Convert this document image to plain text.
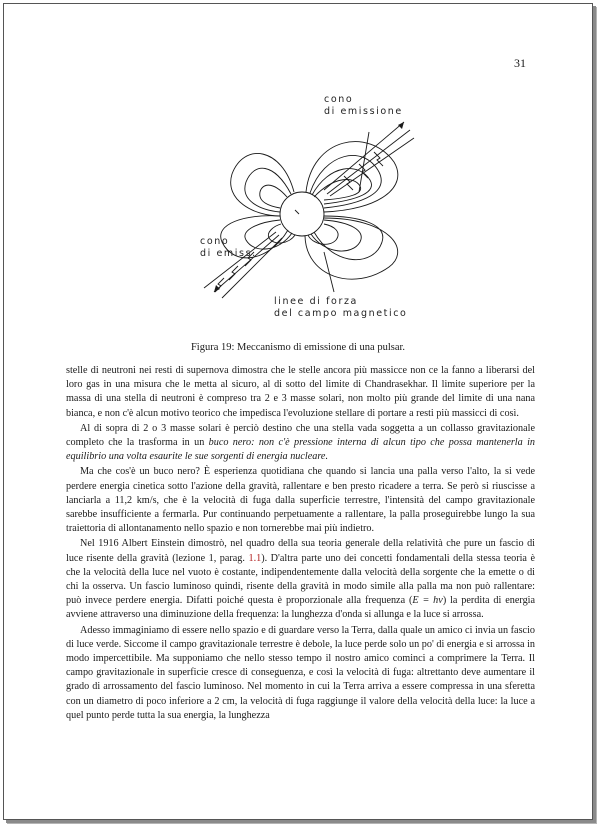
31
cono
di emissione
cono
di emiss.
linee di forza
del campo magnetico
Figura 19: Meccanismo di emissione di una pulsar.

stelle di neutroni nei resti di supernova dimostra che le stelle ancora più massicce non ce la fanno a liberarsi del loro gas in una misura che le metta al sicuro, al di sotto del limite di Chandrasekhar. Il limite superiore per la massa di una stella di neutroni è compreso tra 2 e 3 masse solari, non molto più grande del limite di una nana bianca, e non c'è alcun motivo teorico che impedisca l'evoluzione stellare di portare a resti più massicci di così.

Al di sopra di 2 o 3 masse solari è perciò destino che una stella vada soggetta a un collasso gravitazionale completo che la trasforma in un buco nero: non c'è pressione interna di alcun tipo che possa mantenerla in equilibrio una volta esaurite le sue sorgenti di energia nucleare.

Ma che cos'è un buco nero? È esperienza quotidiana che quando si lancia una palla verso l'alto, la si vede perdere energia cinetica sotto l'azione della gravità, rallentare e ben presto ricadere a terra. Se però si riuscisse a lanciarla a 11,2 km/s, che è la velocità di fuga dalla superficie terrestre, l'intensità del campo gravitazionale sarebbe insufficiente a fermarla. Pur continuando perpetuamente a rallentare, la palla proseguirebbe lungo la sua traiettoria di allontanamento nello spazio e non tornerebbe mai più indietro.

Nel 1916 Albert Einstein dimostrò, nel quadro della sua teoria generale della relatività che pure un fascio di luce risente della gravità (lezione 1, parag. 1.1). D'altra parte uno dei concetti fondamentali della stessa teoria è che la velocità della luce nel vuoto è costante, indipendentemente dalla velocità della sorgente che la emette o di chi la osserva. Un fascio luminoso quindi, risente della gravità in modo simile alla palla ma non può rallentare: può invece perdere energia. Difatti poiché questa è proporzionale alla frequenza (E = hν) la perdita di energia avviene attraverso una diminuzione della frequenza: la lunghezza d'onda si allunga e la luce si arrossa.

Adesso immaginiamo di essere nello spazio e di guardare verso la Terra, dalla quale un amico ci invia un fascio di luce verde. Siccome il campo gravitazionale terrestre è debole, la luce perde solo un po' di energia e si arrossa in modo impercettibile. Ma supponiamo che nello stesso tempo il nostro amico cominci a comprimere la Terra. Il campo gravitazionale in superficie cresce di conseguenza, e così la velocità di fuga: altrettanto deve aumentare il grado di arrossamento del fascio luminoso. Nel momento in cui la Terra arriva a essere compressa in una sferetta con un diametro di poco inferiore a 2 cm, la velocità di fuga raggiunge il valore della velocità della luce: la luce a quel punto perde tutta la sua energia, la lunghezza
